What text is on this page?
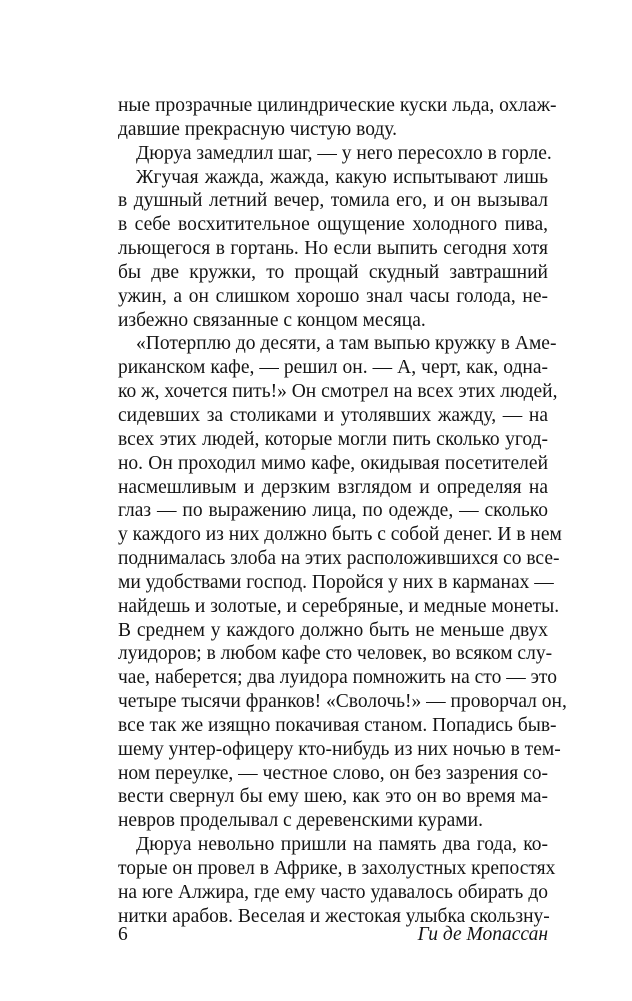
ные прозрачные цилиндрические куски льда, охлаж-
давшие прекрасную чистую воду.
Дюруа замедлил шаг, — у него пересохло в горле.
Жгучая жажда, жажда, какую испытывают лишь
в душный летний вечер, томила его, и он вызывал
в себе восхитительное ощущение холодного пива,
льющегося в гортань. Но если выпить сегодня хотя
бы две кружки, то прощай скудный завтрашний
ужин, а он слишком хорошо знал часы голода, не-
избежно связанные с концом месяца.
«Потерплю до десяти, а там выпью кружку в Аме-
риканском кафе, — решил он. — А, черт, как, одна-
ко ж, хочется пить!» Он смотрел на всех этих людей,
сидевших за столиками и утолявших жажду, — на
всех этих людей, которые могли пить сколько угод-
но. Он проходил мимо кафе, окидывая посетителей
насмешливым и дерзким взглядом и определяя на
глаз — по выражению лица, по одежде, — сколько
у каждого из них должно быть с собой денег. И в нем
поднималась злоба на этих расположившихся со все-
ми удобствами господ. Поройся у них в карманах —
найдешь и золотые, и серебряные, и медные монеты.
В среднем у каждого должно быть не меньше двух
луидоров; в любом кафе сто человек, во всяком слу-
чае, наберется; два луидора помножить на сто — это
четыре тысячи франков! «Сволочь!» — проворчал он,
все так же изящно покачивая станом. Попадись быв-
шему унтер-офицеру кто-нибудь из них ночью в тем-
ном переулке, — честное слово, он без зазрения со-
вести свернул бы ему шею, как это он во время ма-
невров проделывал с деревенскими курами.
Дюруа невольно пришли на память два года, ко-
торые он провел в Африке, в захолустных крепостях
на юге Алжира, где ему часто удавалось обирать до
нитки арабов. Веселая и жестокая улыбка скользну-
6	Ги де Мопассан
